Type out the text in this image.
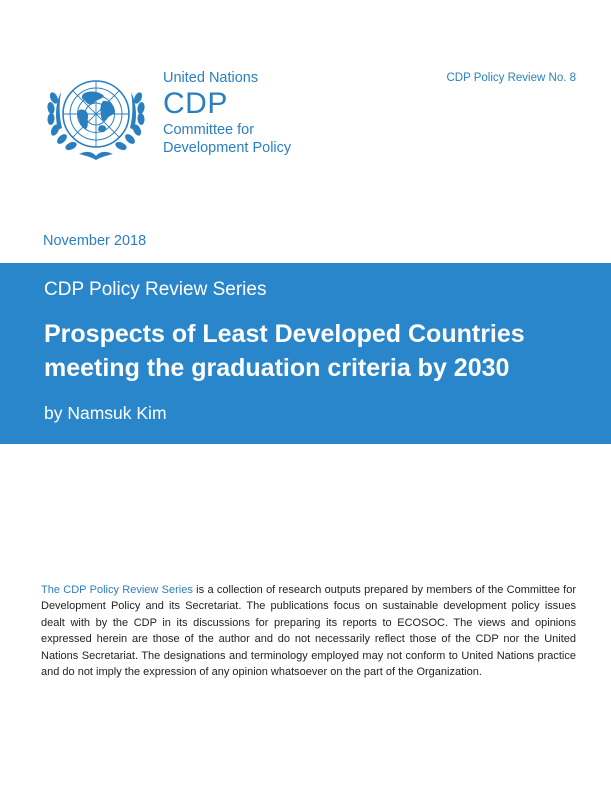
United Nations
CDP
Committee for
Development Policy
CDP Policy Review No. 8
November 2018
CDP Policy Review Series
Prospects of Least Developed Countries meeting the graduation criteria by 2030
by Namsuk Kim
The CDP Policy Review Series is a collection of research outputs prepared by members of the Committee for Development Policy and its Secretariat. The publications focus on sustainable development policy issues dealt with by the CDP in its discussions for preparing its reports to ECOSOC. The views and opinions expressed herein are those of the author and do not necessarily reflect those of the CDP nor the United Nations Secretariat. The designations and terminology employed may not conform to United Nations practice and do not imply the expression of any opinion whatsoever on the part of the Organization.
